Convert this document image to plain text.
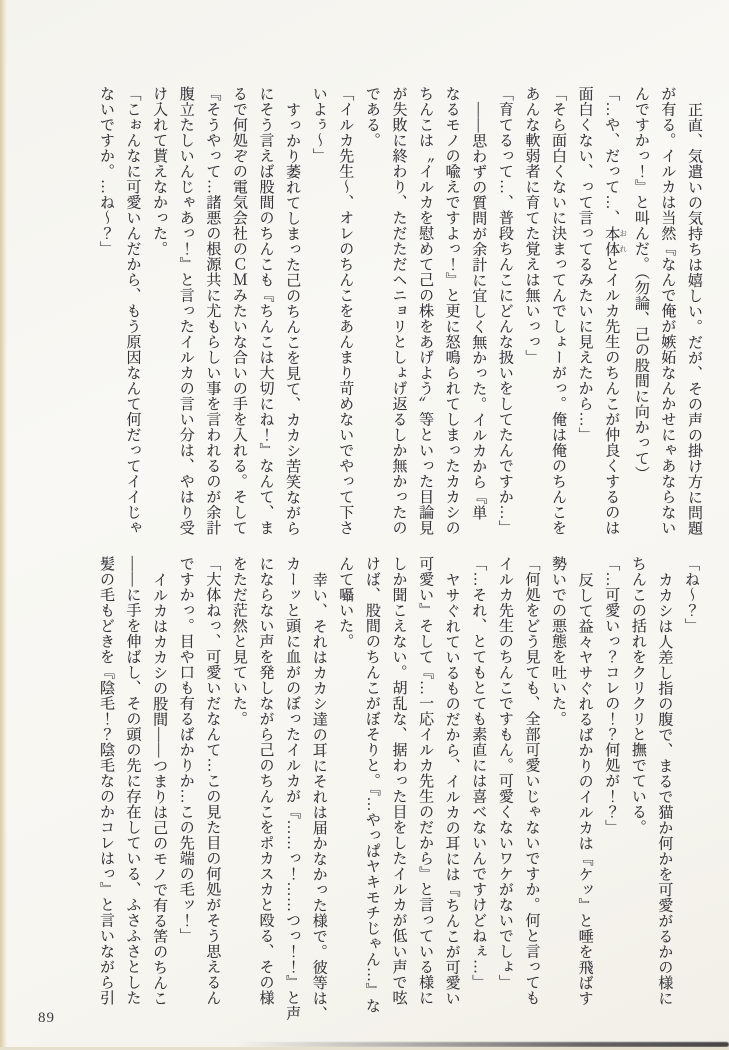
正直、気遣いの気持ちは嬉しい。だが、その声の掛け方に問題

が有る。イルカは当然『なんで俺が嫉妬なんかせにゃあならない

んですかっ！』と叫んだ。（勿論、己の股間に向かって）

「…や、だって…、本体 おれとイルカ先生のちんこが仲良くするのは

面白くない、って言ってるみたいに見えたから…」

「そら面白くないに決まってんでしょーがっ。俺は俺のちんこを

あんな軟弱者に育てた覚えは無いっっ」

「育てるって…、普段ちんこにどんな扱いをしてたんですか…」

――思わずの質問が余計に宜しく無かった。イルカから『単

なるモノの喩えですよっ！』と更に怒鳴られてしまったカカシの

ちんこは〝イルカを慰めて己の株をあげよう〟等といった目論見

が失敗に終わり、ただただヘニョリとしょげ返るしか無かったの

である。

「イルカ先生〜、オレのちんこをあんまり苛めないでやって下さ

いよぅ〜」

すっかり萎れてしまった己のちんこを見て、カカシ苦笑ながら

にそう言えば股間のちんこも『ちんこは大切にね！』なんて、ま

るで何処ぞの電気会社のＣＭみたいな合いの手を入れる。そして

『そうやって…諸悪の根源共に尤もらしい事を言われるのが余計

腹立たしいんじゃあっ！』と言ったイルカの言い分は、やはり受

け入れて貰えなかった。

「こぉんなに可愛いんだから、もう原因なんて何だってイイじゃ

ないですか。…ね〜？」

「ね〜？」

カカシは人差し指の腹で、まるで猫か何かを可愛がるかの様に

ちんこの括れをクリクリと撫でている。

「…可愛いっ？コレの！？何処が！？」

反して益々ヤサぐれるばかりのイルカは『ケッ』と唾を飛ばす

勢いでの悪態を吐いた。

「何処をどう見ても、全部可愛いじゃないですか。何と言っても

イルカ先生のちんこですもん。可愛くないワケがないでしょ」

「…それ、とてもとても素直には喜べないんですけどねぇ…」

ヤサぐれているものだから、イルカの耳には『ちんこが可愛い

可愛い』そして『…一応イルカ先生のだから』と言っている様に

しか聞こえない。胡乱な、据わった目をしたイルカが低い声で呟

けば、股間のちんこがぼそりと。『…やっぱヤキモチじゃん…』な

んて囁いた。

幸い、それはカカシ達の耳にそれは届かなかった様で。彼等は、

カーッと頭に血がのぼったイルカが『……っ！……つっ！！』と声

にならない声を発しながら己のちんこをポカスカと殴る、その様

をただ茫然と見ていた。

「大体ねっ、可愛いだなんて…この見た目の何処がそう思えるん

ですかっ。目や口も有るばかりか…この先端の毛ッ！」

イルカはカカシの股間――つまりは己のモノで有る筈のちんこ

――に手を伸ばし、その頭の先に存在している、ふさふさとした

髪の毛もどきを『陰毛！？陰毛なのかコレはっ』と言いながら引

89
